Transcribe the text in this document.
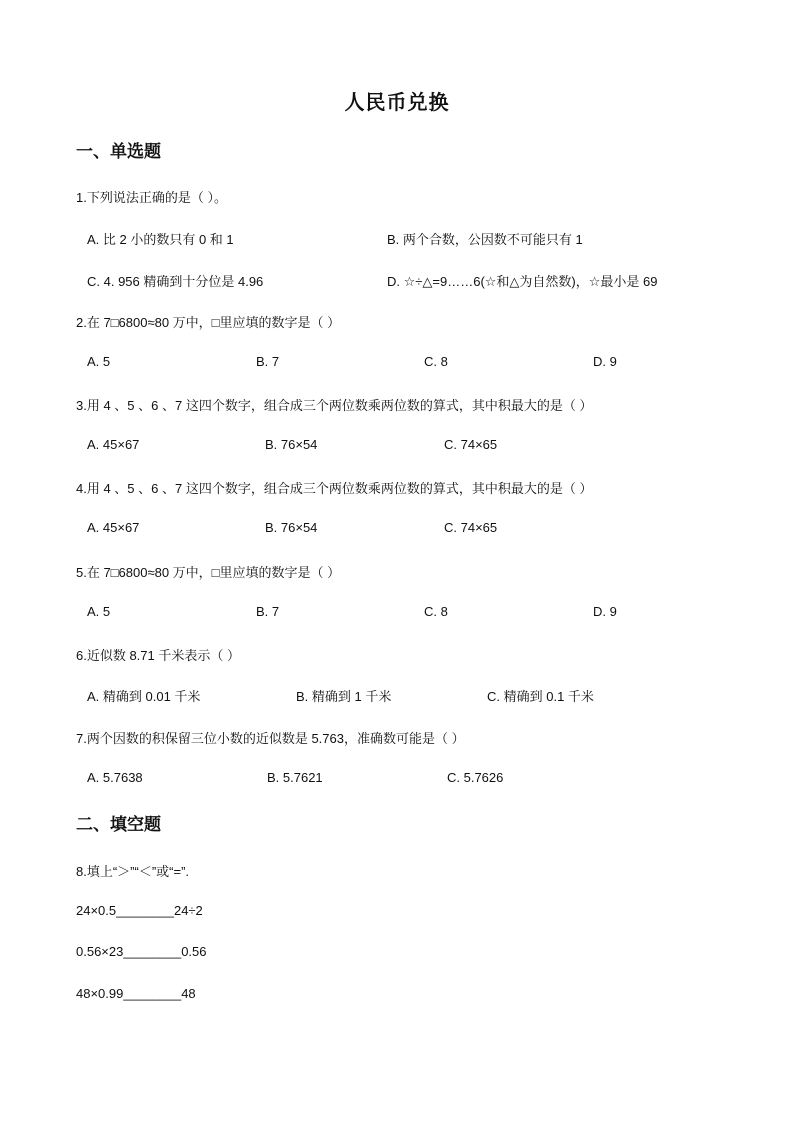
人民币兑换
一、单选题
1.下列说法正确的是（ ）。
A. 比 2 小的数只有 0 和 1	B. 两个合数，公因数不可能只有 1
C. 4. 956 精确到十分位是 4.96	D. ☆÷△=9……6(☆和△为自然数)，☆最小是 69
2.在 7□6800≈80 万中，□里应填的数字是（ ）
A. 5	B. 7	C. 8	D. 9
3.用 4 、5 、6 、7 这四个数字，组合成三个两位数乘两位数的算式，其中积最大的是（ ）
A. 45×67	B. 76×54	C. 74×65
4.用 4 、5 、6 、7 这四个数字，组合成三个两位数乘两位数的算式，其中积最大的是（ ）
A. 45×67	B. 76×54	C. 74×65
5.在 7□6800≈80 万中，□里应填的数字是（ ）
A. 5	B. 7	C. 8	D. 9
6.近似数 8.71 千米表示（ ）
A. 精确到 0.01 千米	B. 精确到 1 千米	C. 精确到 0.1 千米
7.两个因数的积保留三位小数的近似数是 5.763，准确数可能是（ ）
A. 5.7638	B. 5.7621	C. 5.7626
二、填空题
8.填上“＞”“＜”或“=”.
24×0.5________24÷2
0.56×23________0.56
48×0.99________48
